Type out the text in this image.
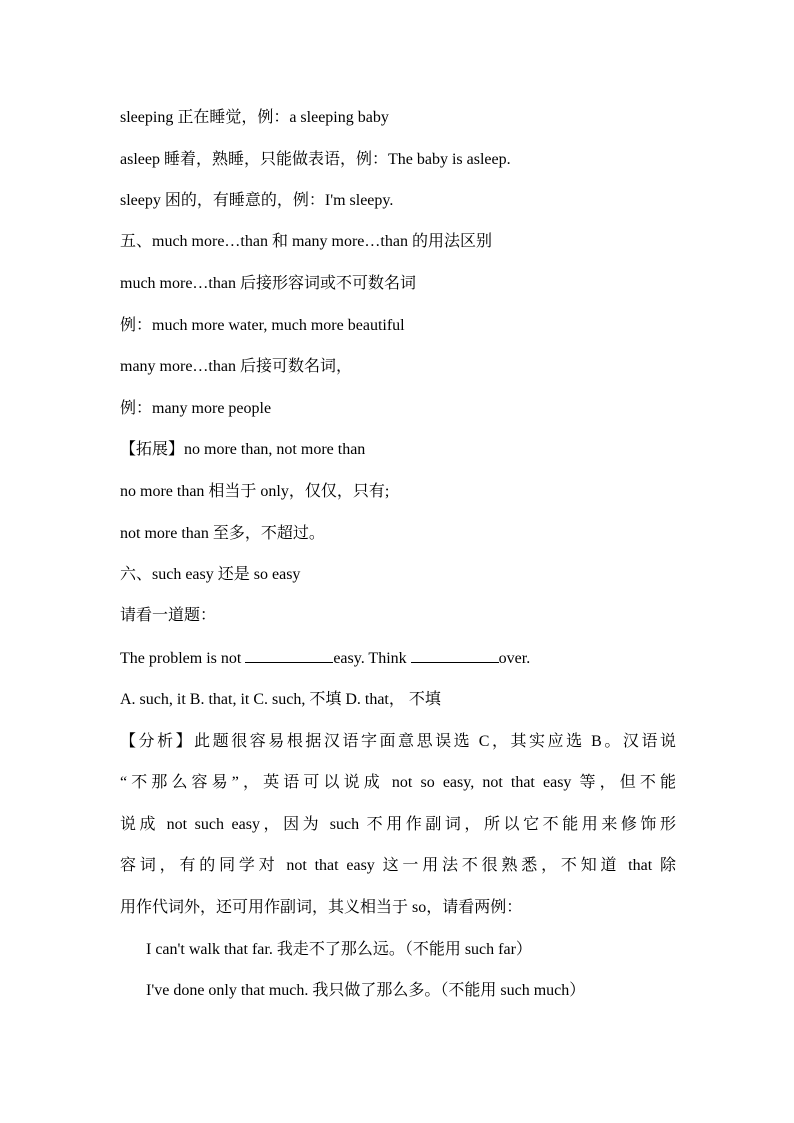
sleeping 正在睡觉，例：a sleeping baby
asleep 睡着，熟睡，只能做表语，例：The baby is asleep.
sleepy 困的，有睡意的，例：I'm sleepy.
五、much more…than 和 many more…than 的用法区别
much more…than 后接形容词或不可数名词
例：much more water, much more beautiful
many more…than 后接可数名词，
例：many more people
【拓展】no more than, not more than
no more than 相当于 only，仅仅，只有;
not more than 至多，不超过。
六、such easy 还是 so easy
请看一道题：
The problem is not	easy. Think	over.
A. such, it B. that, it C. such, 不填 D. that， 不填
【分析】此题很容易根据汉语字面意思误选 C，其实应选 B。汉语说
“不那么容易”，英语可以说成 not so easy, not that easy 等，但不能
说成 not such easy，因为 such 不用作副词，所以它不能用来修饰形
容词，有的同学对 not that easy 这一用法不很熟悉，不知道 that 除
用作代词外，还可用作副词，其义相当于 so，请看两例：
I can't walk that far. 我走不了那么远。（不能用 such far）
I've done only that much. 我只做了那么多。（不能用 such much）
